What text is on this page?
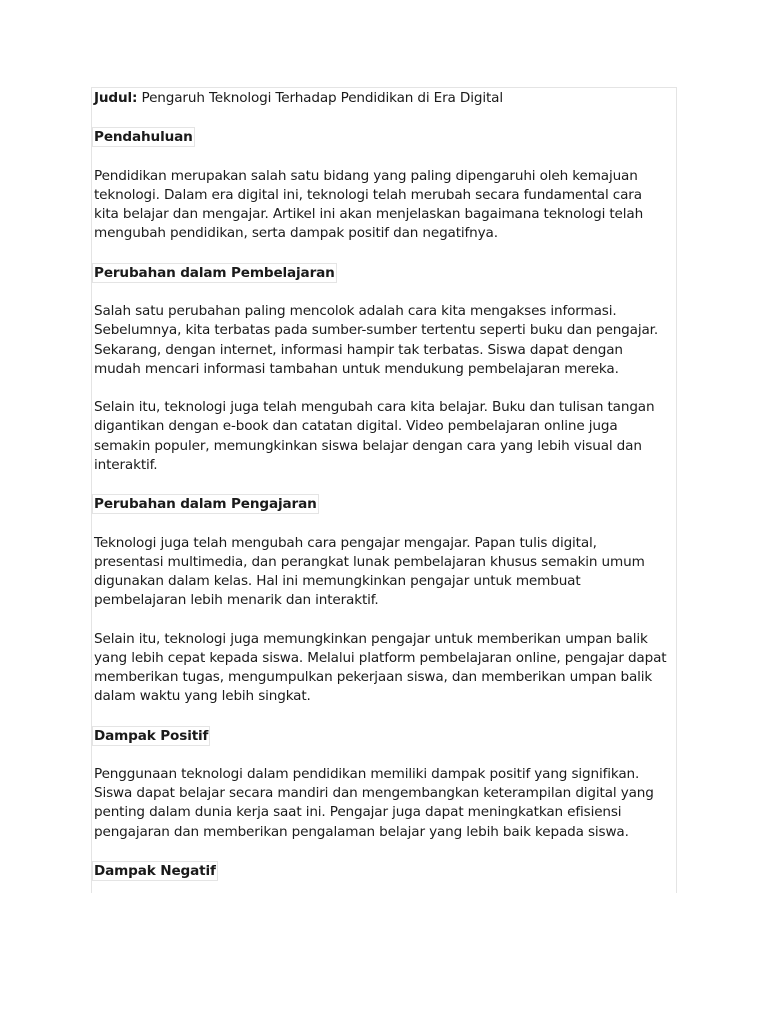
Judul: Pengaruh Teknologi Terhadap Pendidikan di Era Digital

Pendahuluan

Pendidikan merupakan salah satu bidang yang paling dipengaruhi oleh kemajuan
teknologi. Dalam era digital ini, teknologi telah merubah secara fundamental cara
kita belajar dan mengajar. Artikel ini akan menjelaskan bagaimana teknologi telah
mengubah pendidikan, serta dampak positif dan negatifnya.

Perubahan dalam Pembelajaran

Salah satu perubahan paling mencolok adalah cara kita mengakses informasi.
Sebelumnya, kita terbatas pada sumber-sumber tertentu seperti buku dan pengajar.
Sekarang, dengan internet, informasi hampir tak terbatas. Siswa dapat dengan
mudah mencari informasi tambahan untuk mendukung pembelajaran mereka.

Selain itu, teknologi juga telah mengubah cara kita belajar. Buku dan tulisan tangan
digantikan dengan e-book dan catatan digital. Video pembelajaran online juga
semakin populer, memungkinkan siswa belajar dengan cara yang lebih visual dan
interaktif.

Perubahan dalam Pengajaran

Teknologi juga telah mengubah cara pengajar mengajar. Papan tulis digital,
presentasi multimedia, dan perangkat lunak pembelajaran khusus semakin umum
digunakan dalam kelas. Hal ini memungkinkan pengajar untuk membuat
pembelajaran lebih menarik dan interaktif.

Selain itu, teknologi juga memungkinkan pengajar untuk memberikan umpan balik
yang lebih cepat kepada siswa. Melalui platform pembelajaran online, pengajar dapat
memberikan tugas, mengumpulkan pekerjaan siswa, dan memberikan umpan balik
dalam waktu yang lebih singkat.

Dampak Positif

Penggunaan teknologi dalam pendidikan memiliki dampak positif yang signifikan.
Siswa dapat belajar secara mandiri dan mengembangkan keterampilan digital yang
penting dalam dunia kerja saat ini. Pengajar juga dapat meningkatkan efisiensi
pengajaran dan memberikan pengalaman belajar yang lebih baik kepada siswa.

Dampak Negatif
